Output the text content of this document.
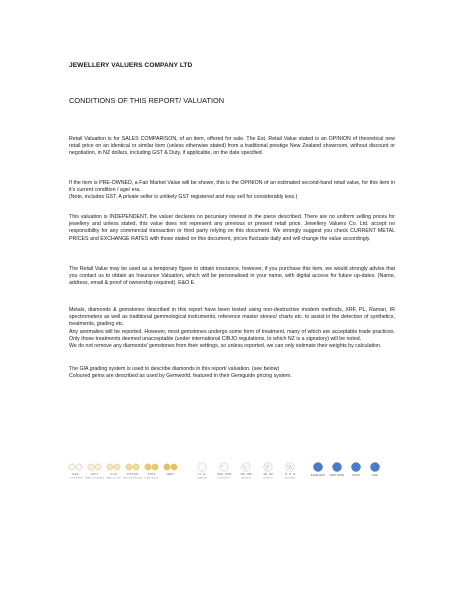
JEWELLERY VALUERS COMPANY LTD
CONDITIONS OF THIS REPORT/ VALUATION

Retail Valuation is for SALES COMPARISON, of an item, offered for sale. The Est. Retail Value stated is an OPINION of theoretical new retail price on an identical or similar item (unless otherwise stated) from a traditional prestige New Zealand showroom, without discount or negotiation, in NZ dollars, including GST & Duty, if applicable, on the date specified.

If the item is PRE-OWNED, a Fair Market Value will be shown, this is the OPINION of an estimated second-hand retail value, for this item in it's current condition / age/ era.

(Note, includes GST. A private seller is unlikely GST registered and may sell for considerably less.)

This valuation is INDEPENDENT, the valuer declares no pecuniary interest in the piece described. There are no uniform selling prices for jewellery and unless stated, this value does not represent any previous or present retail price. Jewellery Valuers Co. Ltd. accept no responsibility for any commercial transaction or third party relying on this document. We strongly suggest you check CURRENT METAL PRICES and EXCHANGE RATES with those stated on this document, prices fluctuate daily and will change the value accordingly.

The Retail Value may be used as a temporary figure to obtain insurance, however, if you purchase this item, we would strongly advise that you contact us to obtain an Insurance Valuation, which will be personalised in your name, with digital access for future up-dates. (Name, address, email & proof of ownership required). E&O E.

Metals, diamonds & gemstones described in this report have been tested using non-destructive modern methods, XRF, PL, Raman, IR spectrometers as well as traditional gemmological instruments, reference master stones/ charts etc. to assist in the detection of synthetics, treatments, grading etc.

Any anomalies will be reported. However, most gemstones undergo some form of treatment, many of which are acceptable trade practices. Only those treatments deemed unacceptable (under international CIBJO regulations, to which NZ is a signatory) will be noted.

We do not remove any diamonds/ gemstones from their settings, so unless reported, we can only estimate their weights by calculation.

The GIA grading system is used to describe diamonds in this report/ valuation. (see below)

Coloured gems are described as used by Gemworld, featured in their Gemguide pricing system.

D E F
COLOURLESS
G H I J
NEAR COLOURLESS
K L M
FAINT YELLOW
N O P Q R
VERY LIGHT YELLOW
S TO Z
LIGHT YELLOW
FANCY	FL · IF
FLAWLESS
VVS1 · VVS2
V.V.SLIGHTLY
VS1 · VS2
V.SLIGHTLY
SI1 · SI2
SLIGHTLY
I1 · I2 · I3
INCLUDED
EXCELLENT VERY GOOD	GOOD	FAIR
